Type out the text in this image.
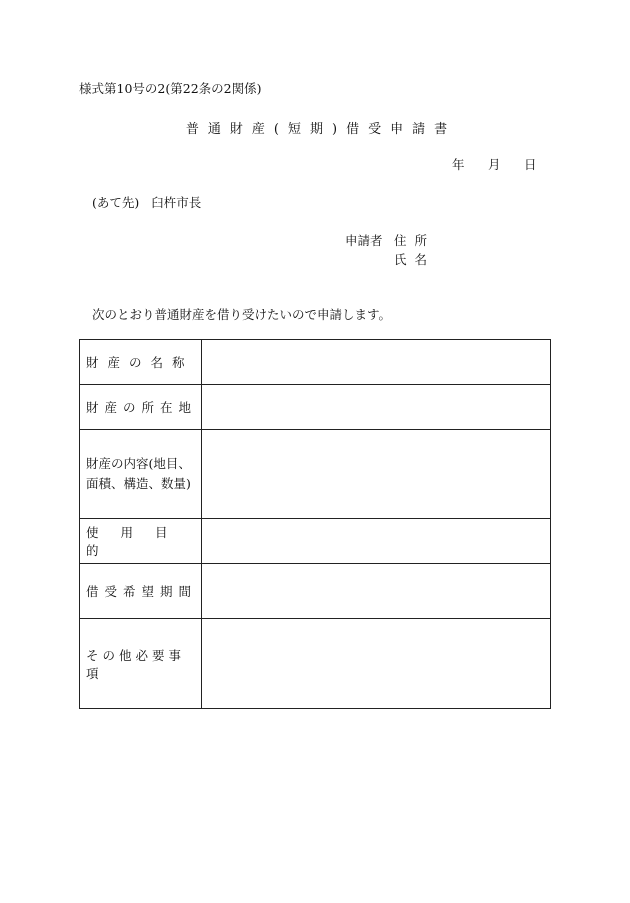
様式第10号の2(第22条の2関係)
普通財産(短期)借受申請書
年 月 日
(あて先) 臼杵市長
申請者 住所
氏名
次のとおり普通財産を借り受けたいので申請します。
財産の名称	
財産の所在地	

財産の内容(地目、
面積、構造、数量)	

使用目的	
借受希望期間	
その他必要事項	
